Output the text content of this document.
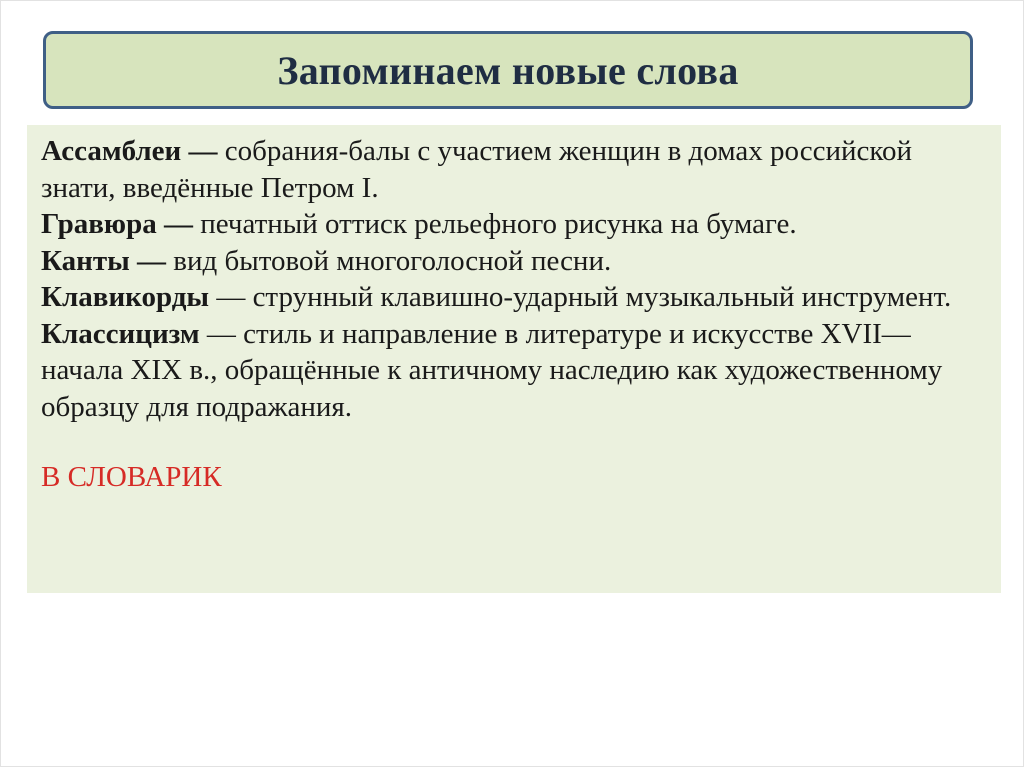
Запоминаем новые слова

Ассамблеи — собрания-балы с участием женщин в домах российской знати, введённые Петром I.

Гравюра — печатный оттиск рельефного рисунка на бумаге.

Канты — вид бытовой многоголосной песни.

Клавикорды — струнный клавишно-ударный музыкальный инструмент.

Классицизм — стиль и направление в литературе и искусстве XVII— начала XIX в., обращённые к античному наследию как художественному образцу для подражания.

В СЛОВАРИК
